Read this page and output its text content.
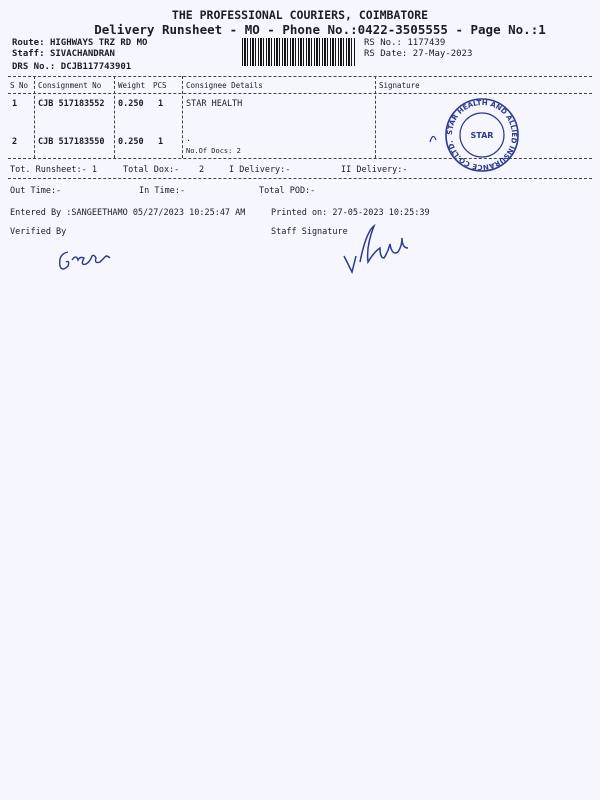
THE PROFESSIONAL COURIERS, COIMBATORE
Delivery Runsheet - MO - Phone No.:0422-3505555 - Page No.:1
Route: HIGHWAYS TRZ RD MO
Staff: SIVACHANDRAN
DRS No.: DCJB117743901
RS No.: 1177439
RS Date: 27-May-2023
S No Consignment No Weight PCS	Consignee Details	Signature
1 CJB 517183552 0.250 1	STAR HEALTH
2 CJB 517183550 0.250 1	.
No.Of Docs: 2
STAR HEALTH AND ALLIED INSURANCE CO.LTD.
STAR
Tot. Runsheet:- 1	Total Dox:- 2	I Delivery:-	II Delivery:-
Out Time:-	In Time:-	Total POD:-
Entered By :SANGEETHAMO 05/27/2023 10:25:47 AM	Printed on: 27-05-2023 10:25:39
Verified By	Staff Signature
